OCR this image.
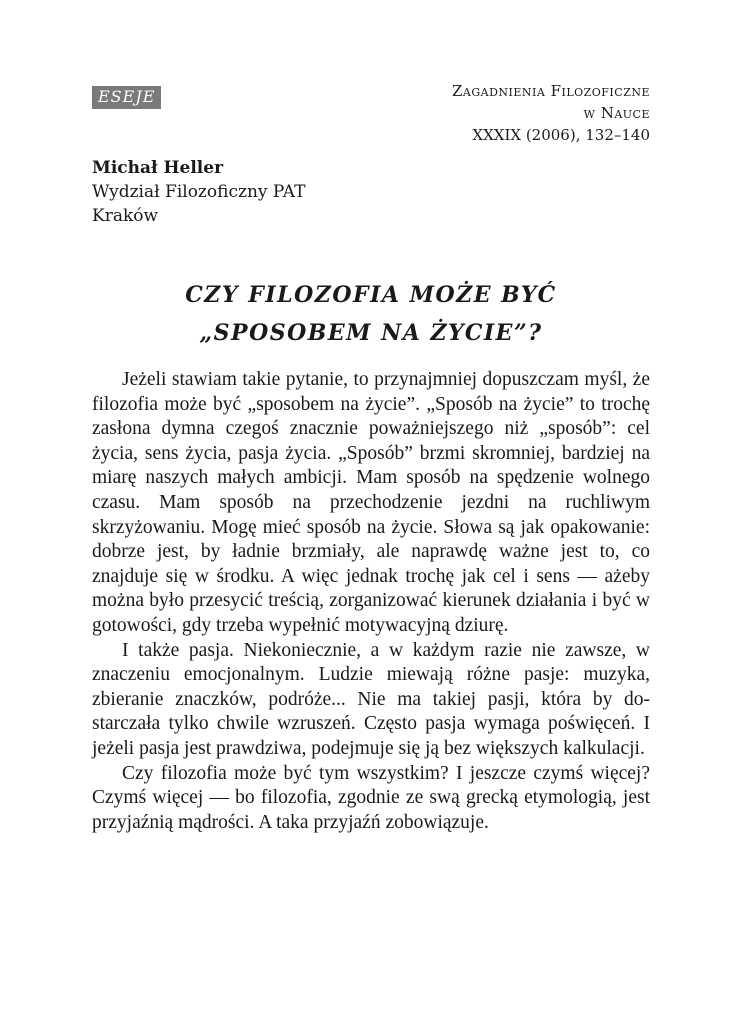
ESEJE	Zagadnienia Filozoficzne
w Nauce
XXXIX (2006), 132–140
Michał Heller
Wydział Filozoficzny PAT
Kraków
CZY FILOZOFIA MOŻE BYĆ
„SPOSOBEM NA ŻYCIE”?

Jeżeli stawiam takie pytanie, to przynajmniej dopuszczam myśl, że filozofia może być „sposobem na życie”. „Sposób na życie” to trochę zasłona dymna czegoś znacznie poważniejszego niż „sposób”: cel życia, sens życia, pasja życia. „Sposób” brzmi skromniej, bardziej na miarę naszych małych ambicji. Mam sposób na spędzenie wolnego czasu. Mam sposób na przechodzenie jezdni na ruchliwym skrzyżowaniu. Mogę mieć sposób na życie. Słowa są jak opakowanie: dobrze jest, by ładnie brzmiały, ale naprawdę ważne jest to, co znajduje się w środku. A więc jednak trochę jak cel i sens — ażeby można było przesycić treścią, zorganizować kierunek działania i być w gotowości, gdy trzeba wypełnić motywacyjną dziurę.

I także pasja. Niekoniecznie, a w każdym razie nie zawsze, w znaczeniu emocjonalnym. Ludzie miewają różne pasje: muzyka, zbieranie znaczków, podróże... Nie ma takiej pasji, która by dostarczała tylko chwile wzruszeń. Często pasja wymaga poświęceń. I jeżeli pasja jest prawdziwa, podejmuje się ją bez większych kalkulacji.

Czy filozofia może być tym wszystkim? I jeszcze czymś więcej? Czymś więcej — bo filozofia, zgodnie ze swą grecką etymologią, jest przyjaźnią mądrości. A taka przyjaźń zobowiązuje.
